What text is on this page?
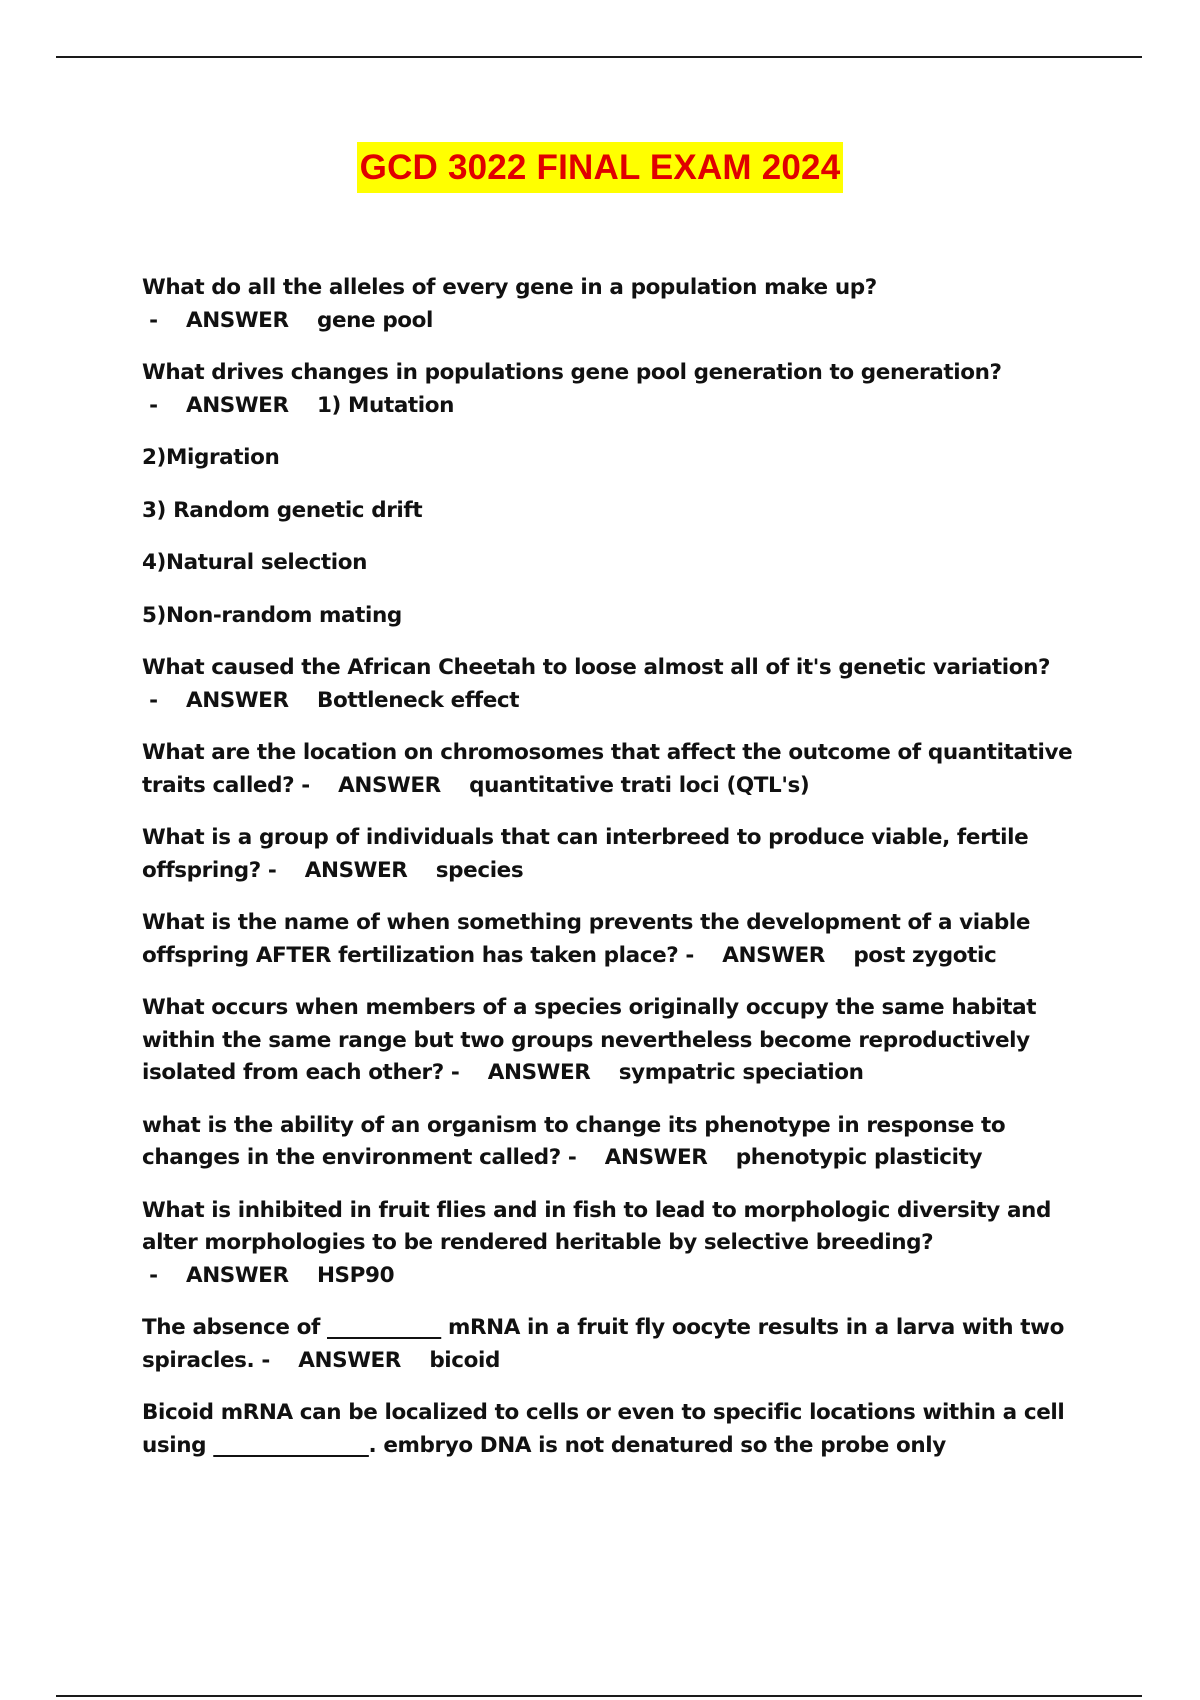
GCD 3022 FINAL EXAM 2024

What do all the alleles of every gene in a population make up? -    ANSWER    gene pool

What drives changes in populations gene pool generation to generation? -    ANSWER    1) Mutation

2)Migration

3) Random genetic drift

4)Natural selection

5)Non-random mating

What caused the African Cheetah to loose almost all of it's genetic variation? -    ANSWER    Bottleneck effect

What are the location on chromosomes that affect the outcome of quantitative traits called? -    ANSWER    quantitative trati loci (QTL's)

What is a group of individuals that can interbreed to produce viable, fertile offspring? -    ANSWER    species

What is the name of when something prevents the development of a viable offspring AFTER fertilization has taken place? -    ANSWER    post zygotic

What occurs when members of a species originally occupy the same habitat within the same range but two groups nevertheless become reproductively isolated from each other? -    ANSWER    sympatric speciation

what is the ability of an organism to change its phenotype in response to changes in the environment called? -    ANSWER    phenotypic plasticity

What is inhibited in fruit flies and in fish to lead to morphologic diversity and alter morphologies to be rendered heritable by selective breeding? -    ANSWER    HSP90

The absence of ___________ mRNA in a fruit fly oocyte results in a larva with two spiracles. -    ANSWER    bicoid

Bicoid mRNA can be localized to cells or even to specific locations within a cell using _______________. embryo DNA is not denatured so the probe only
